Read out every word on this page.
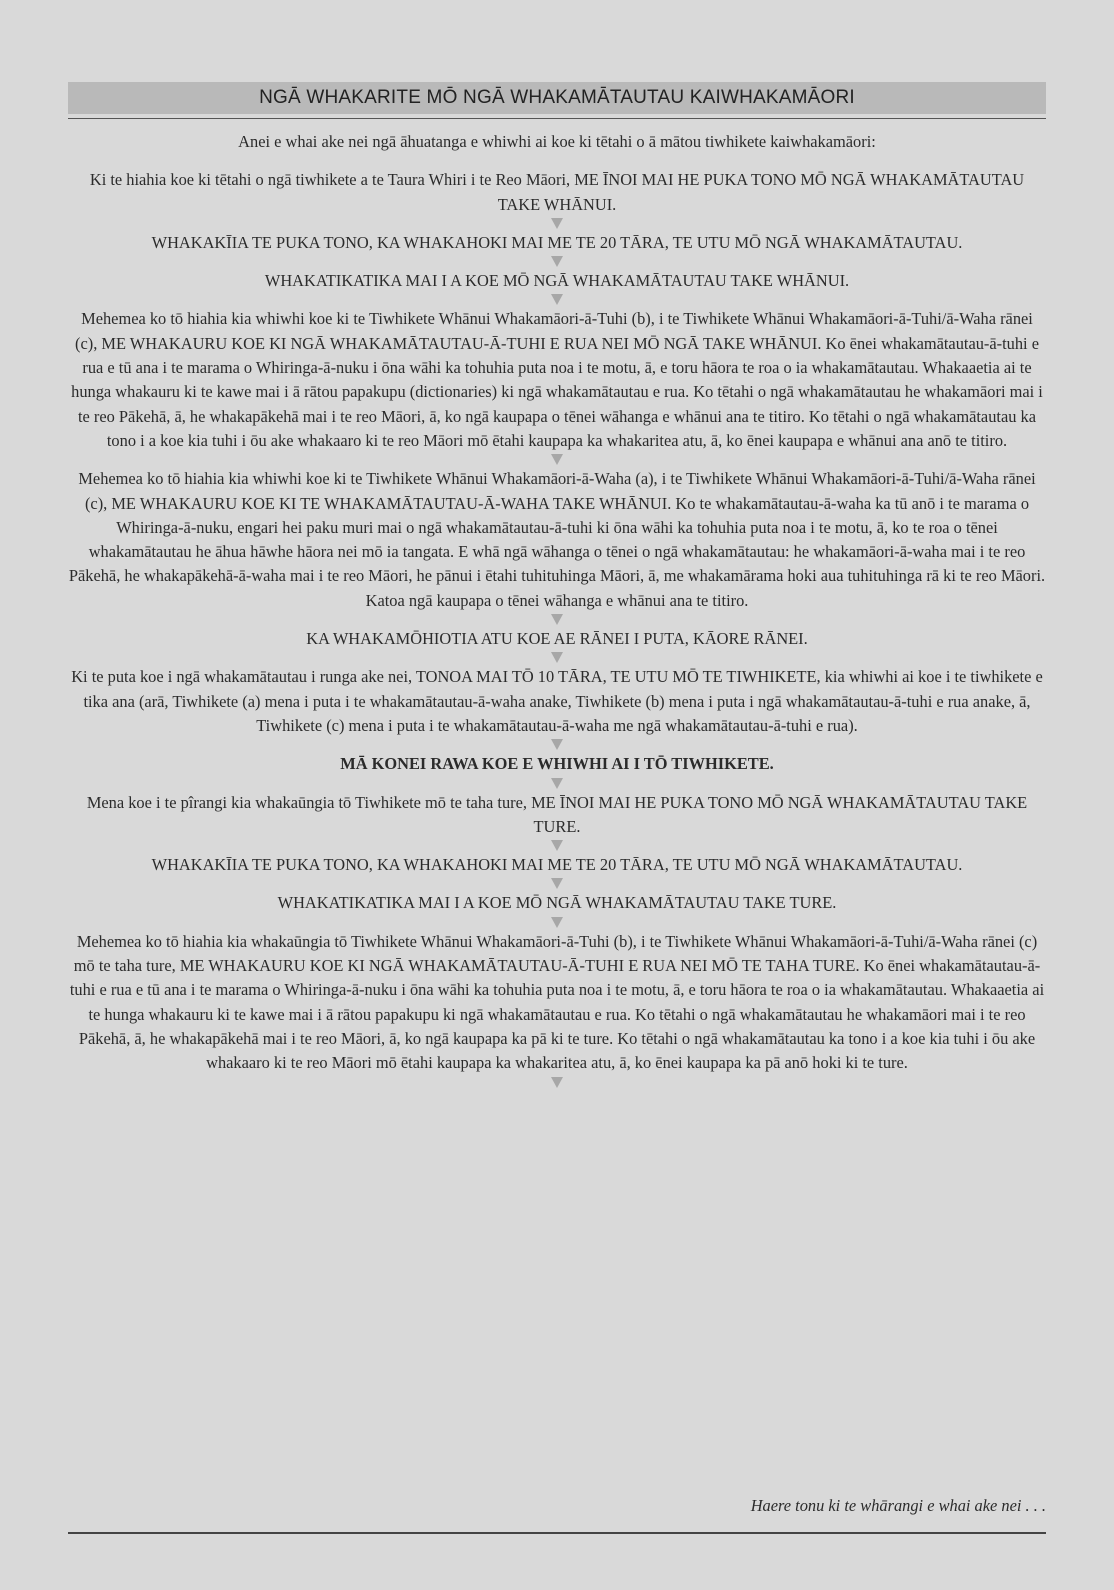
NGĀ WHAKARITE MŌ NGĀ WHAKAMĀTAUTAU KAIWHAKAMĀORI

Anei e whai ake nei ngā āhuatanga e whiwhi ai koe ki tētahi o ā mātou tiwhikete kaiwhakamāori:

Ki te hiahia koe ki tētahi o ngā tiwhikete a te Taura Whiri i te Reo Māori, ME ĪNOI MAI HE PUKA TONO MŌ NGĀ WHAKAMĀTAUTAU TAKE WHĀNUI.

WHAKAKĪIA TE PUKA TONO, KA WHAKAHOKI MAI ME TE 20 TĀRA, TE UTU MŌ NGĀ WHAKAMĀTAUTAU.

WHAKATIKATIKA MAI I A KOE MŌ NGĀ WHAKAMĀTAUTAU TAKE WHĀNUI.

Mehemea ko tō hiahia kia whiwhi koe ki te Tiwhikete Whānui Whakamāori-ā-Tuhi (b), i te Tiwhikete Whānui Whakamāori-ā-Tuhi/ā-Waha rānei (c), ME WHAKAURU KOE KI NGĀ WHAKAMĀTAUTAU-Ā-TUHI E RUA NEI MŌ NGĀ TAKE WHĀNUI. Ko ēnei whakamātautau-ā-tuhi e rua e tū ana i te marama o Whiringa-ā-nuku i ōna wāhi ka tohuhia puta noa i te motu, ā, e toru hāora te roa o ia whakamātautau. Whakaaetia ai te hunga whakauru ki te kawe mai i ā rātou papakupu (dictionaries) ki ngā whakamātautau e rua. Ko tētahi o ngā whakamātautau he whakamāori mai i te reo Pākehā, ā, he whakapākehā mai i te reo Māori, ā, ko ngā kaupapa o tēnei wāhanga e whānui ana te titiro. Ko tētahi o ngā whakamātautau ka tono i a koe kia tuhi i ōu ake whakaaro ki te reo Māori mō ētahi kaupapa ka whakaritea atu, ā, ko ēnei kaupapa e whānui ana anō te titiro.

Mehemea ko tō hiahia kia whiwhi koe ki te Tiwhikete Whānui Whakamāori-ā-Waha (a), i te Tiwhikete Whānui Whakamāori-ā-Tuhi/ā-Waha rānei (c), ME WHAKAURU KOE KI TE WHAKAMĀTAUTAU-Ā-WAHA TAKE WHĀNUI. Ko te whakamātautau-ā-waha ka tū anō i te marama o Whiringa-ā-nuku, engari hei paku muri mai o ngā whakamātautau-ā-tuhi ki ōna wāhi ka tohuhia puta noa i te motu, ā, ko te roa o tēnei whakamātautau he āhua hāwhe hāora nei mō ia tangata. E whā ngā wāhanga o tēnei o ngā whakamātautau: he whakamāori-ā-waha mai i te reo Pākehā, he whakapākehā-ā-waha mai i te reo Māori, he pānui i ētahi tuhituhinga Māori, ā, me whakamārama hoki aua tuhituhinga rā ki te reo Māori. Katoa ngā kaupapa o tēnei wāhanga e whānui ana te titiro.

KA WHAKAMŌHIOTIA ATU KOE AE RĀNEI I PUTA, KĀORE RĀNEI.

Ki te puta koe i ngā whakamātautau i runga ake nei, TONOA MAI TŌ 10 TĀRA, TE UTU MŌ TE TIWHIKETE, kia whiwhi ai koe i te tiwhikete e tika ana (arā, Tiwhikete (a) mena i puta i te whakamātautau-ā-waha anake, Tiwhikete (b) mena i puta i ngā whakamātautau-ā-tuhi e rua anake, ā, Tiwhikete (c) mena i puta i te whakamātautau-ā-waha me ngā whakamātautau-ā-tuhi e rua).

MĀ KONEI RAWA KOE E WHIWHI AI I TŌ TIWHIKETE.

Mena koe i te pîrangi kia whakaūngia tō Tiwhikete mō te taha ture, ME ĪNOI MAI HE PUKA TONO MŌ NGĀ WHAKAMĀTAUTAU TAKE TURE.

WHAKAKĪIA TE PUKA TONO, KA WHAKAHOKI MAI ME TE 20 TĀRA, TE UTU MŌ NGĀ WHAKAMĀTAUTAU.

WHAKATIKATIKA MAI I A KOE MŌ NGĀ WHAKAMĀTAUTAU TAKE TURE.

Mehemea ko tō hiahia kia whakaūngia tō Tiwhikete Whānui Whakamāori-ā-Tuhi (b), i te Tiwhikete Whānui Whakamāori-ā-Tuhi/ā-Waha rānei (c) mō te taha ture, ME WHAKAURU KOE KI NGĀ WHAKAMĀTAUTAU-Ā-TUHI E RUA NEI MŌ TE TAHA TURE. Ko ēnei whakamātautau-ā-tuhi e rua e tū ana i te marama o Whiringa-ā-nuku i ōna wāhi ka tohuhia puta noa i te motu, ā, e toru hāora te roa o ia whakamātautau. Whakaaetia ai te hunga whakauru ki te kawe mai i ā rātou papakupu ki ngā whakamātautau e rua. Ko tētahi o ngā whakamātautau he whakamāori mai i te reo Pākehā, ā, he whakapākehā mai i te reo Māori, ā, ko ngā kaupapa ka pā ki te ture. Ko tētahi o ngā whakamātautau ka tono i a koe kia tuhi i ōu ake whakaaro ki te reo Māori mō ētahi kaupapa ka whakaritea atu, ā, ko ēnei kaupapa ka pā anō hoki ki te ture.

Haere tonu ki te whārangi e whai ake nei . . .
